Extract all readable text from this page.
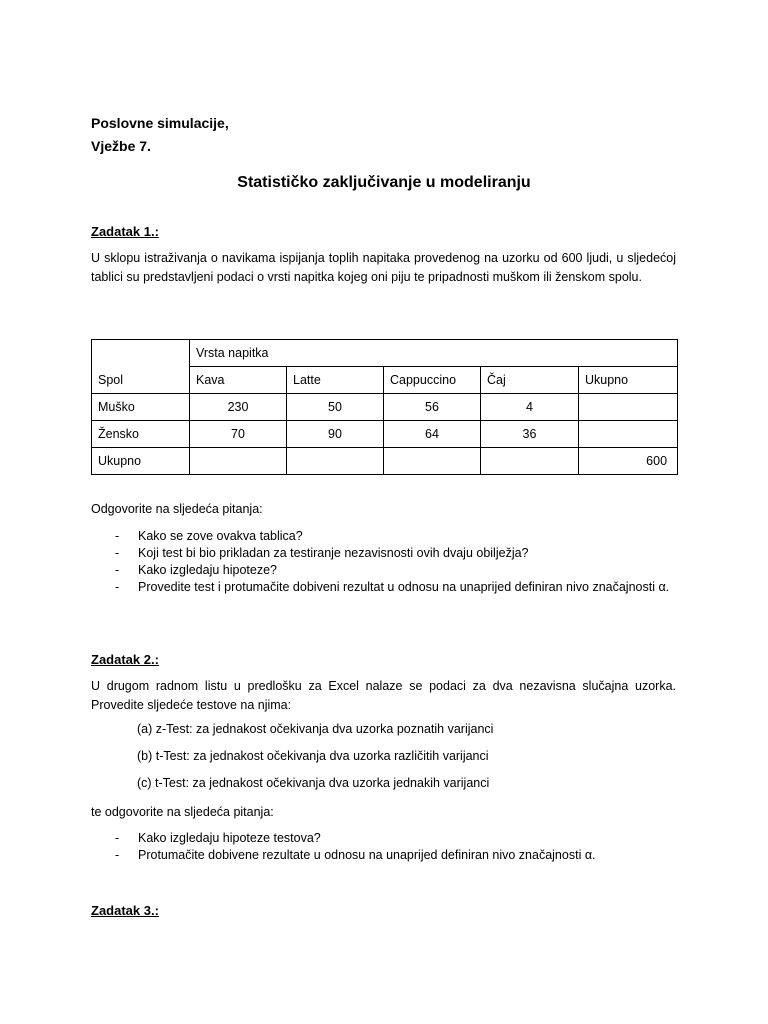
Poslovne simulacije,
Vježbe 7.
Statističko zaključivanje u modeliranju
Zadatak 1.:
U sklopu istraživanja o navikama ispijanja toplih napitaka provedenog na uzorku od 600 ljudi, u sljedećoj tablici su predstavljeni podaci o vrsti napitka kojeg oni piju te pripadnosti muškom ili ženskom spolu.
Spol	Vrsta napitka				
	Kava	Latte	Cappuccino	Čaj	Ukupno
Muško	230	50	56	4	
Žensko	70	90	64	36	
Ukupno					600
Odgovorite na sljedeća pitanja:
- Kako se zove ovakva tablica?
- Koji test bi bio prikladan za testiranje nezavisnosti ovih dvaju obilježja?
- Kako izgledaju hipoteze?
- Provedite test i protumačite dobiveni rezultat u odnosu na unaprijed definiran nivo značajnosti α.
Zadatak 2.:
U drugom radnom listu u predlošku za Excel nalaze se podaci za dva nezavisna slučajna uzorka. Provedite sljedeće testove na njima:
(a) z-Test: za jednakost očekivanja dva uzorka poznatih varijanci
(b) t-Test: za jednakost očekivanja dva uzorka različitih varijanci
(c) t-Test: za jednakost očekivanja dva uzorka jednakih varijanci
te odgovorite na sljedeća pitanja:
- Kako izgledaju hipoteze testova?
- Protumačite dobivene rezultate u odnosu na unaprijed definiran nivo značajnosti α.
Zadatak 3.:
